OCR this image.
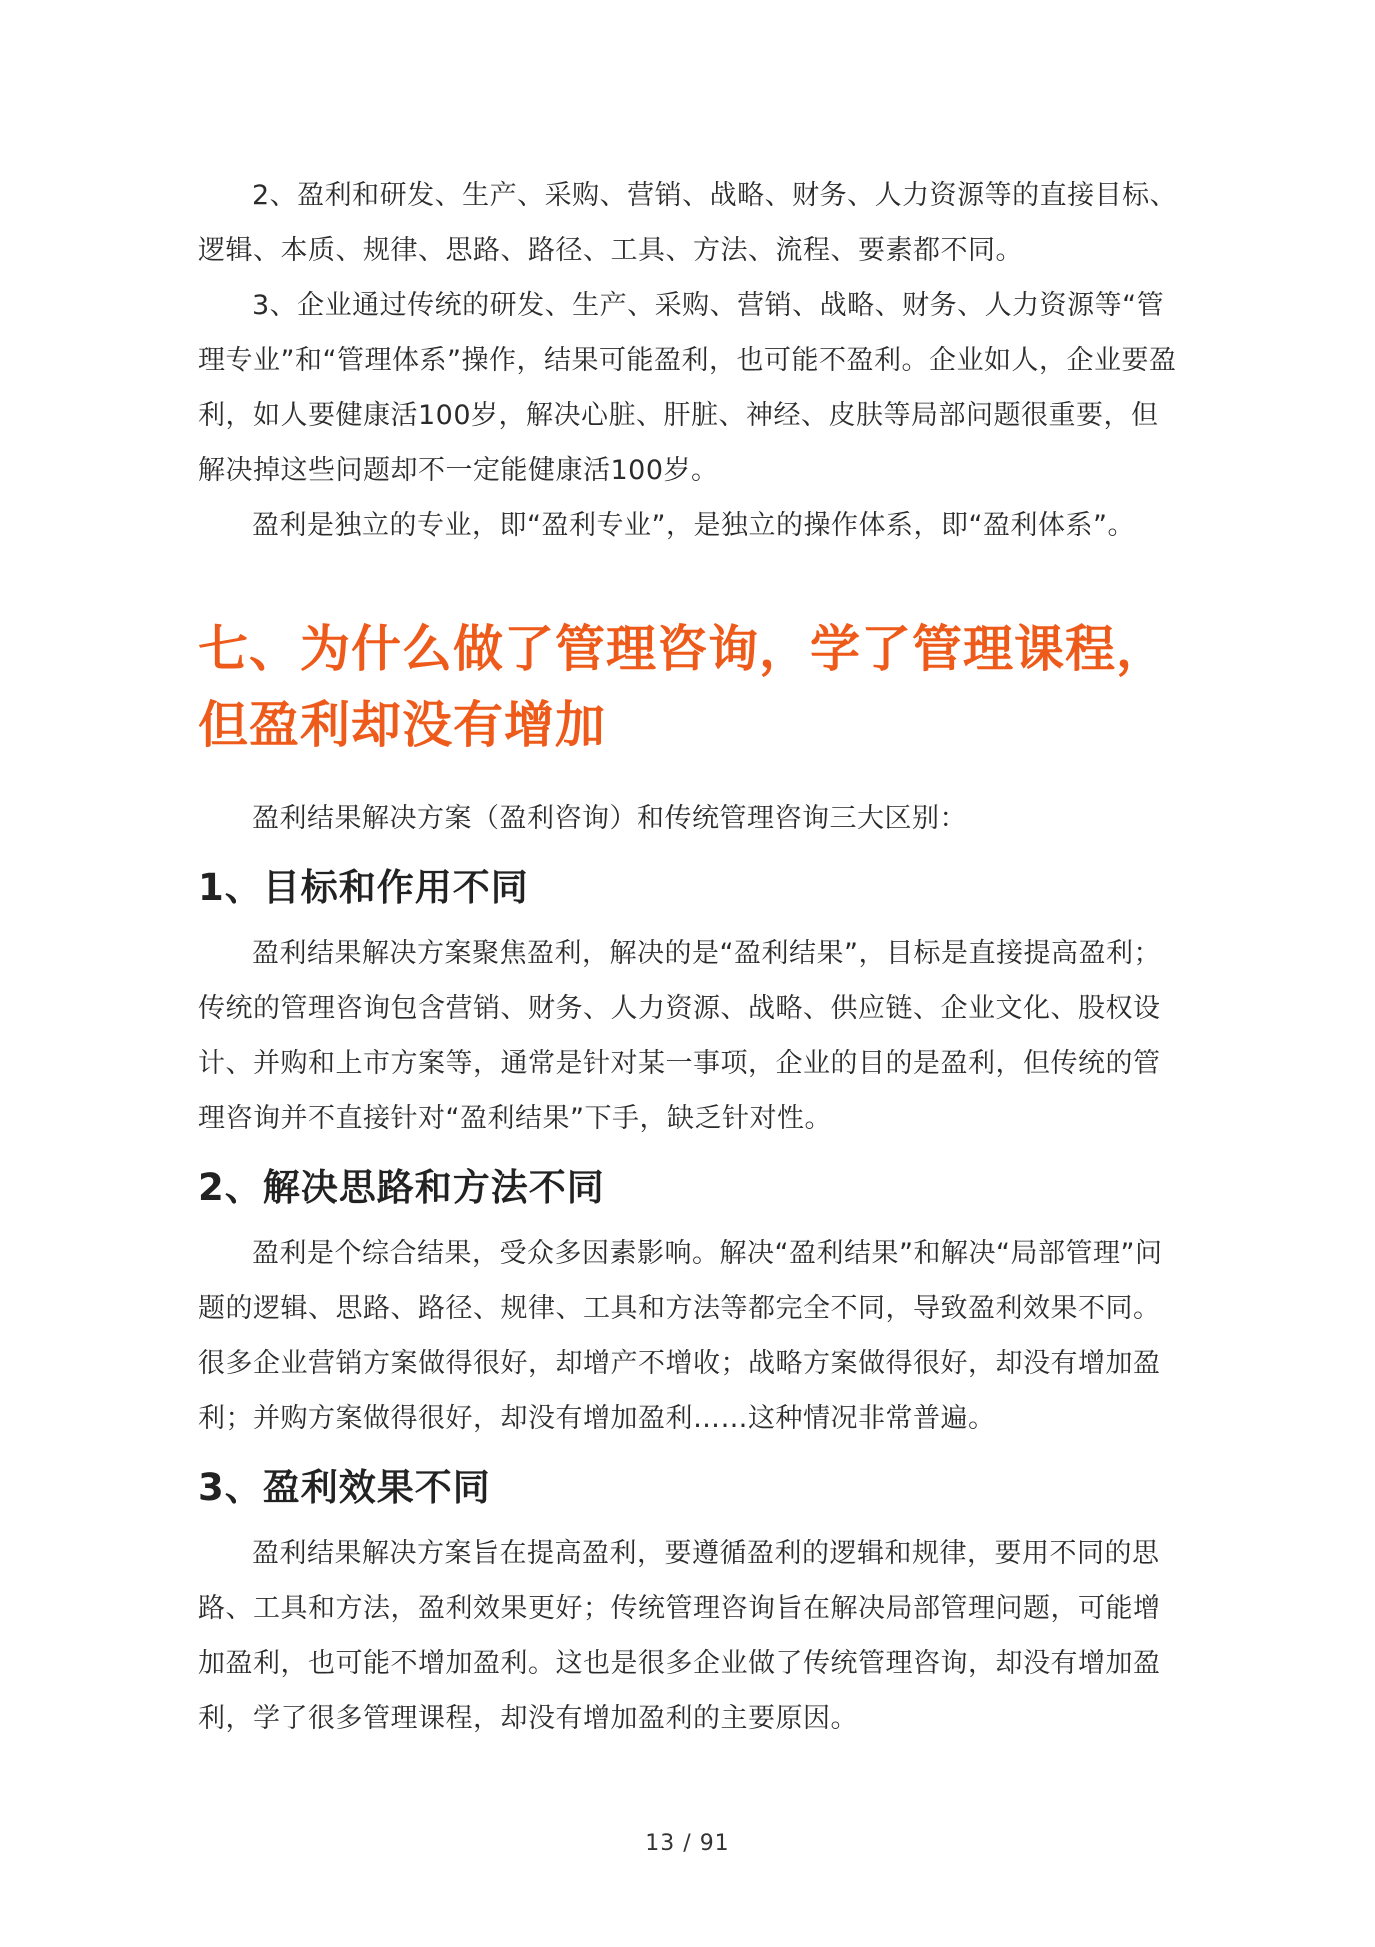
2、盈利和研发、生产、采购、营销、战略、财务、人力资源等的直接目标、逻辑、本质、规律、思路、路径、工具、方法、流程、要素都不同。

3、企业通过传统的研发、生产、采购、营销、战略、财务、人力资源等“管理专业”和“管理体系”操作，结果可能盈利，也可能不盈利。企业如人，企业要盈利，如人要健康活100岁，解决心脏、肝脏、神经、皮肤等局部问题很重要，但解决掉这些问题却不一定能健康活100岁。

盈利是独立的专业，即“盈利专业”，是独立的操作体系，即“盈利体系”。

七、为什么做了管理咨询，学了管理课程，但盈利却没有增加

盈利结果解决方案（盈利咨询）和传统管理咨询三大区别：

1、目标和作用不同

盈利结果解决方案聚焦盈利，解决的是“盈利结果”，目标是直接提高盈利；传统的管理咨询包含营销、财务、人力资源、战略、供应链、企业文化、股权设计、并购和上市方案等，通常是针对某一事项，企业的目的是盈利，但传统的管理咨询并不直接针对“盈利结果”下手，缺乏针对性。

2、解决思路和方法不同

盈利是个综合结果，受众多因素影响。解决“盈利结果”和解决“局部管理”问题的逻辑、思路、路径、规律、工具和方法等都完全不同，导致盈利效果不同。很多企业营销方案做得很好，却增产不增收；战略方案做得很好，却没有增加盈利；并购方案做得很好，却没有增加盈利……这种情况非常普遍。

3、盈利效果不同

盈利结果解决方案旨在提高盈利，要遵循盈利的逻辑和规律，要用不同的思路、工具和方法，盈利效果更好；传统管理咨询旨在解决局部管理问题，可能增加盈利，也可能不增加盈利。这也是很多企业做了传统管理咨询，却没有增加盈利，学了很多管理课程，却没有增加盈利的主要原因。

13 / 91
